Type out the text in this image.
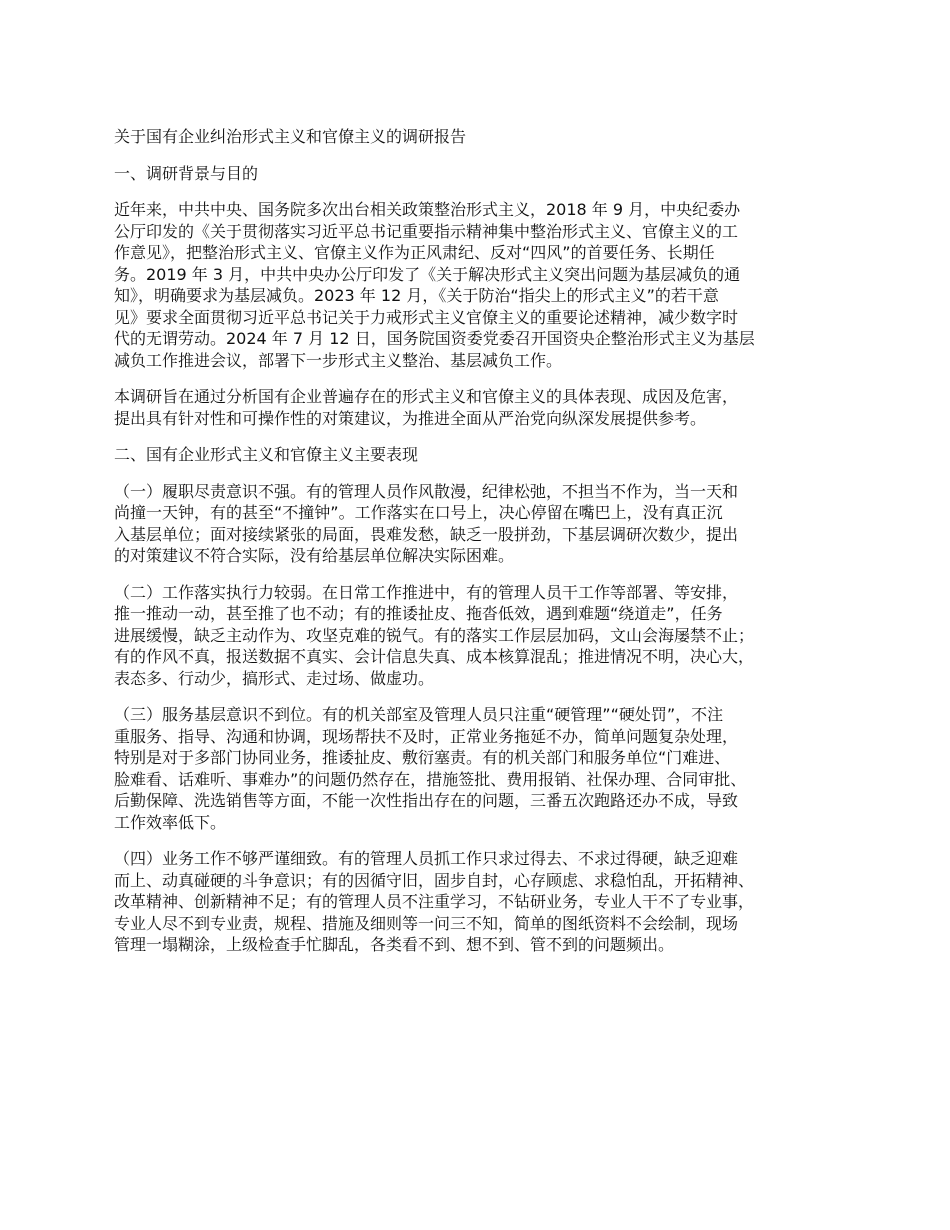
关于国有企业纠治形式主义和官僚主义的调研报告
一、调研背景与目的
近年来，中共中央、国务院多次出台相关政策整治形式主义，2018 年 9 月，中央纪委办
公厅印发的《关于贯彻落实习近平总书记重要指示精神集中整治形式主义、官僚主义的工
作意见》，把整治形式主义、官僚主义作为正风肃纪、反对“四风”的首要任务、长期任
务。2019 年 3 月，中共中央办公厅印发了《关于解决形式主义突出问题为基层减负的通
知》，明确要求为基层减负。2023 年 12 月，《关于防治“指尖上的形式主义”的若干意
见》要求全面贯彻习近平总书记关于力戒形式主义官僚主义的重要论述精神，减少数字时
代的无谓劳动。2024 年 7 月 12 日，国务院国资委党委召开国资央企整治形式主义为基层
减负工作推进会议，部署下一步形式主义整治、基层减负工作。
本调研旨在通过分析国有企业普遍存在的形式主义和官僚主义的具体表现、成因及危害，
提出具有针对性和可操作性的对策建议，为推进全面从严治党向纵深发展提供参考。
二、国有企业形式主义和官僚主义主要表现
（一）履职尽责意识不强。有的管理人员作风散漫，纪律松弛，不担当不作为，当一天和
尚撞一天钟，有的甚至“不撞钟”。工作落实在口号上，决心停留在嘴巴上，没有真正沉
入基层单位；面对接续紧张的局面，畏难发愁，缺乏一股拼劲，下基层调研次数少，提出
的对策建议不符合实际，没有给基层单位解决实际困难。
（二）工作落实执行力较弱。在日常工作推进中，有的管理人员干工作等部署、等安排，
推一推动一动，甚至推了也不动；有的推诿扯皮、拖沓低效，遇到难题“绕道走”，任务
进展缓慢，缺乏主动作为、攻坚克难的锐气。有的落实工作层层加码，文山会海屡禁不止；
有的作风不真，报送数据不真实、会计信息失真、成本核算混乱；推进情况不明，决心大，
表态多、行动少，搞形式、走过场、做虚功。
（三）服务基层意识不到位。有的机关部室及管理人员只注重“硬管理”“硬处罚”，不注
重服务、指导、沟通和协调，现场帮扶不及时，正常业务拖延不办，简单问题复杂处理，
特别是对于多部门协同业务，推诿扯皮、敷衍塞责。有的机关部门和服务单位“门难进、
脸难看、话难听、事难办”的问题仍然存在，措施签批、费用报销、社保办理、合同审批、
后勤保障、洗选销售等方面，不能一次性指出存在的问题，三番五次跑路还办不成，导致
工作效率低下。
（四）业务工作不够严谨细致。有的管理人员抓工作只求过得去、不求过得硬，缺乏迎难
而上、动真碰硬的斗争意识；有的因循守旧，固步自封，心存顾虑、求稳怕乱，开拓精神、
改革精神、创新精神不足；有的管理人员不注重学习，不钻研业务，专业人干不了专业事，
专业人尽不到专业责，规程、措施及细则等一问三不知，简单的图纸资料不会绘制，现场
管理一塌糊涂，上级检查手忙脚乱，各类看不到、想不到、管不到的问题频出。
